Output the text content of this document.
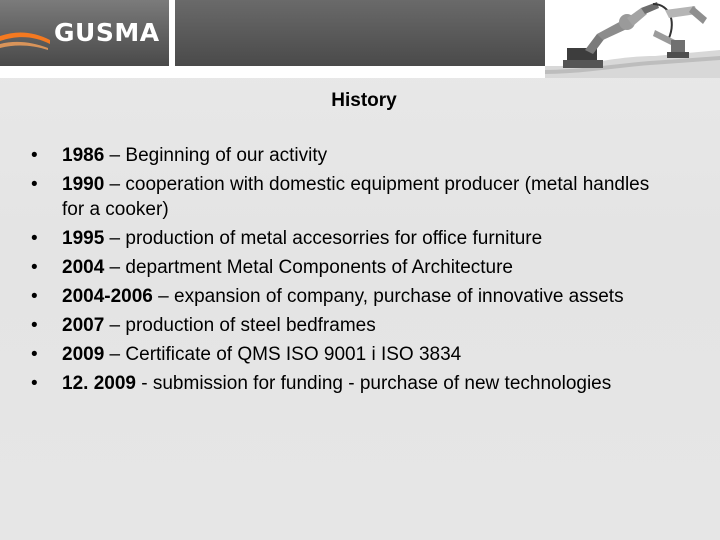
GUSMA
History
• 1986 – Beginning of our activity
• 1990 – cooperation with domestic equipment producer (metal handles for a cooker)
• 1995 – production of metal accesorries for office furniture
• 2004 – department Metal Components of Architecture
• 2004-2006 – expansion of company, purchase of innovative assets
• 2007 – production of steel bedframes
• 2009 – Certificate of QMS ISO 9001 i ISO 3834
• 12. 2009 - submission for funding - purchase of new technologies
